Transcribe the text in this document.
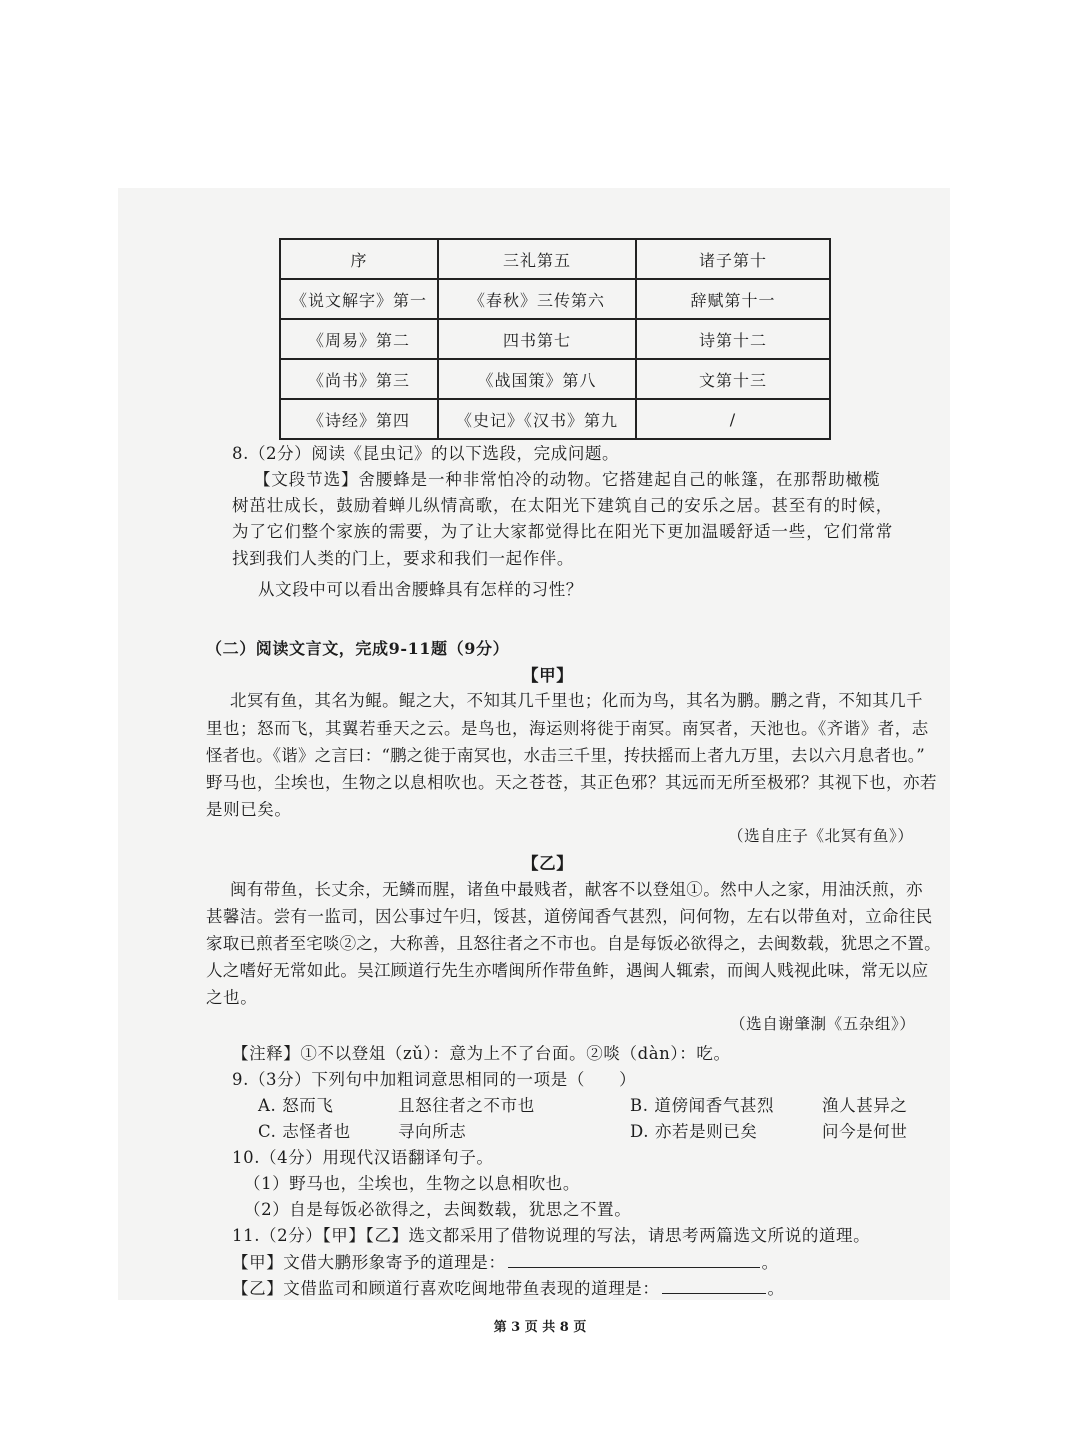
序	三礼第五	诸子第十
《说文解字》第一	《春秋》三传第六	辞赋第十一
《周易》第二	四书第七	诗第十二
《尚书》第三	《战国策》第八	文第十三
《诗经》第四	《史记》《汉书》第九	/
8.（2分）阅读《昆虫记》的以下选段，完成问题。
【文段节选】舍腰蜂是一种非常怕冷的动物。它搭建起自己的帐篷，在那帮助橄榄
树茁壮成长，鼓励着蝉儿纵情高歌，在太阳光下建筑自己的安乐之居。甚至有的时候，
为了它们整个家族的需要，为了让大家都觉得比在阳光下更加温暖舒适一些，它们常常
找到我们人类的门上，要求和我们一起作伴。
从文段中可以看出舍腰蜂具有怎样的习性？
（二）阅读文言文，完成9-11题（9分）
【甲】
北冥有鱼，其名为鲲。鲲之大，不知其几千里也；化而为鸟，其名为鹏。鹏之背，不知其几千
里也；怒而飞，其翼若垂天之云。是鸟也，海运则将徙于南冥。南冥者，天池也。《齐谐》者，志
怪者也。《谐》之言曰：“鹏之徙于南冥也，水击三千里，抟扶摇而上者九万里，去以六月息者也。”
野马也，尘埃也，生物之以息相吹也。天之苍苍，其正色邪？其远而无所至极邪？其视下也，亦若
是则已矣。
（选自庄子《北冥有鱼》）
【乙】
闽有带鱼，长丈余，无鳞而腥，诸鱼中最贱者，献客不以登俎①。然中人之家，用油沃煎，亦
甚馨洁。尝有一监司，因公事过午归，馁甚，道傍闻香气甚烈，问何物，左右以带鱼对，立命往民
家取已煎者至宅啖②之，大称善，且怒往者之不市也。自是每饭必欲得之，去闽数载，犹思之不置。
人之嗜好无常如此。吴江顾道行先生亦嗜闽所作带鱼鲊，遇闽人辄索，而闽人贱视此味，常无以应
之也。
（选自谢肇淛《五杂组》）
【注释】①不以登俎（zǔ）：意为上不了台面。②啖（dàn）：吃。
9.（3分）下列句中加粗词意思相同的一项是（　　）
A. 怒而飞	且怒往者之不市也	B. 道傍闻香气甚烈	渔人甚异之
C. 志怪者也	寻向所志	D. 亦若是则已矣	问今是何世
10.（4分）用现代汉语翻译句子。
（1）野马也，尘埃也，生物之以息相吹也。
（2）自是每饭必欲得之，去闽数载，犹思之不置。
11.（2分）【甲】【乙】选文都采用了借物说理的写法，请思考两篇选文所说的道理。
【甲】文借大鹏形象寄予的道理是：	。
【乙】文借监司和顾道行喜欢吃闽地带鱼表现的道理是：	。
第 3 页 共 8 页
